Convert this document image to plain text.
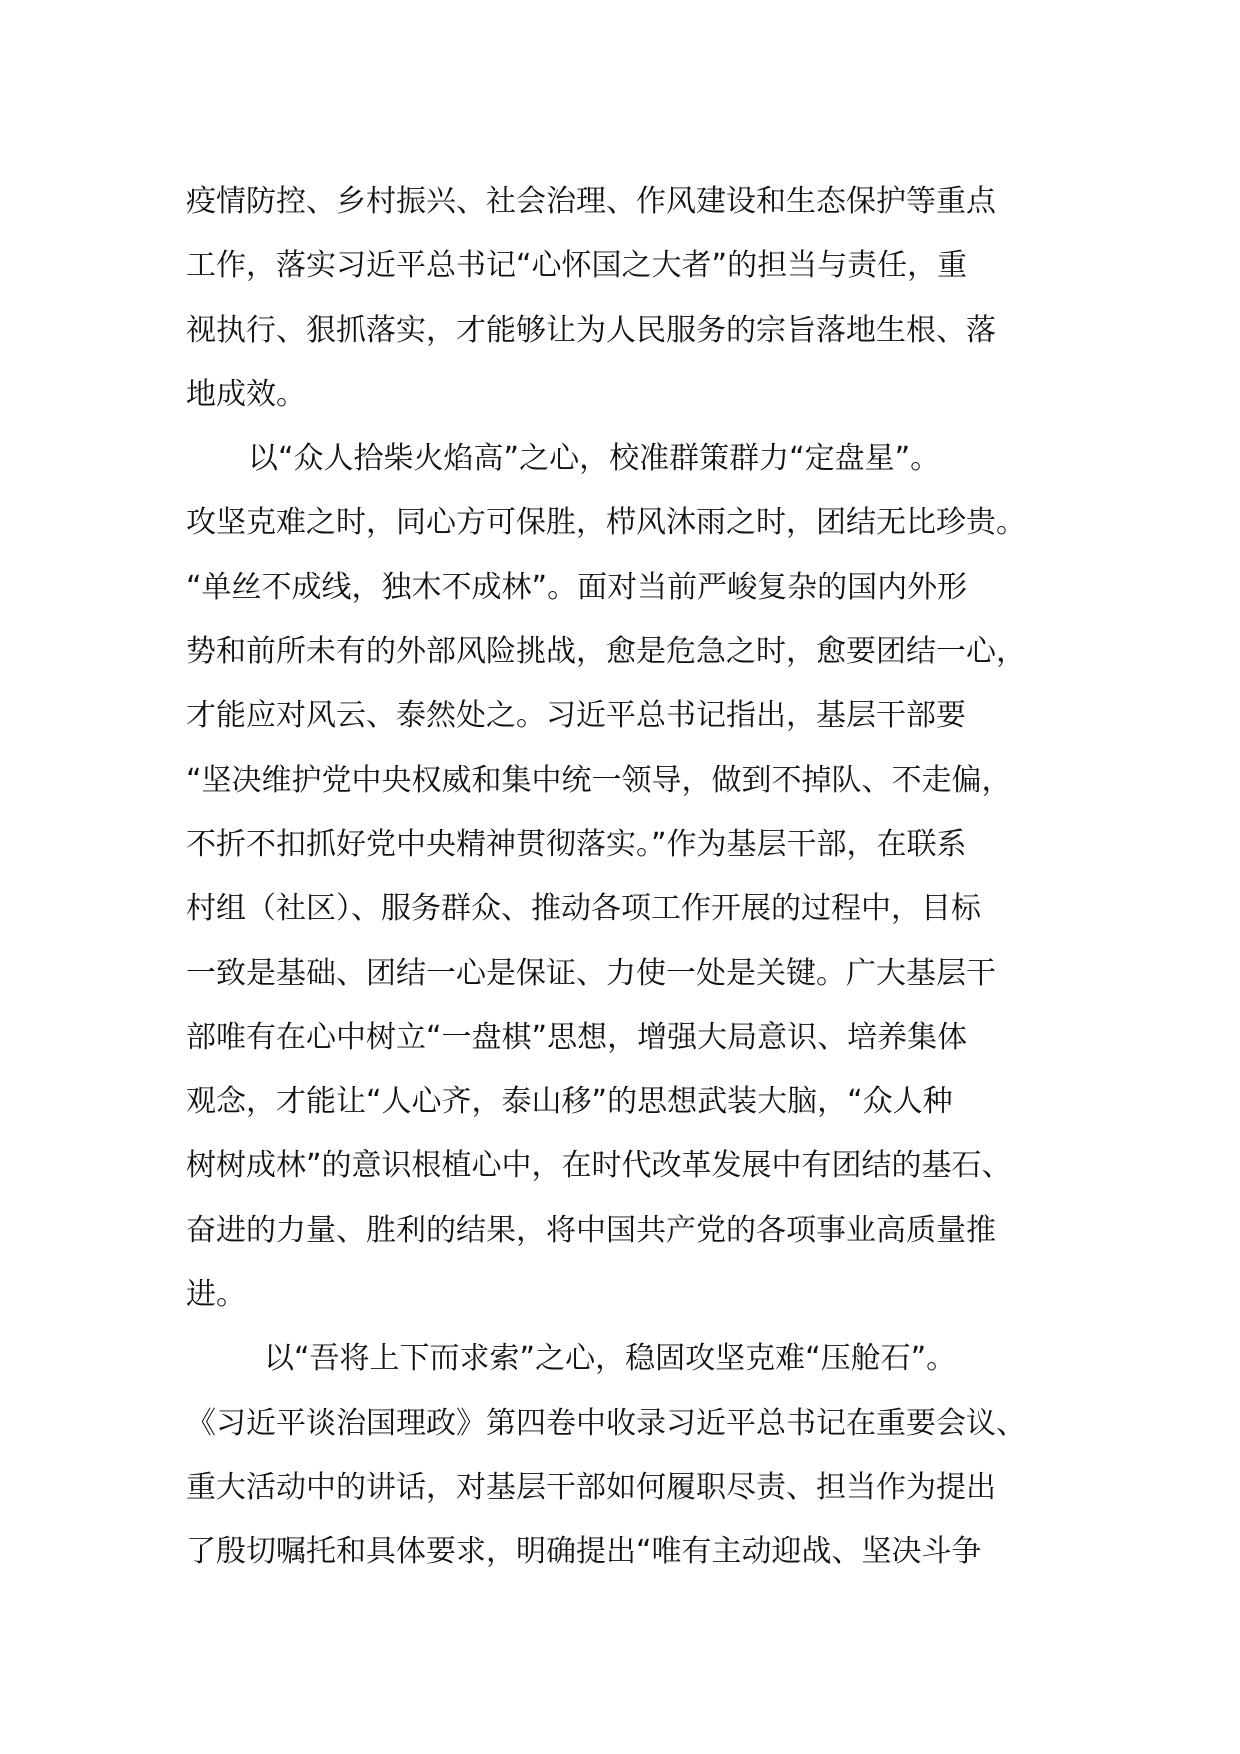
疫情防控、乡村振兴、社会治理、作风建设和生态保护等重点
工作，落实习近平总书记“心怀国之大者”的担当与责任，重
视执行、狠抓落实，才能够让为人民服务的宗旨落地生根、落
地成效。
以“众人拾柴火焰高”之心，校准群策群力“定盘星”。
攻坚克难之时，同心方可保胜，栉风沐雨之时，团结无比珍贵。
“单丝不成线，独木不成林”。面对当前严峻复杂的国内外形
势和前所未有的外部风险挑战，愈是危急之时，愈要团结一心，
才能应对风云、泰然处之。习近平总书记指出，基层干部要
“坚决维护党中央权威和集中统一领导，做到不掉队、不走偏，
不折不扣抓好党中央精神贯彻落实。”作为基层干部，在联系
村组（社区）、服务群众、推动各项工作开展的过程中，目标
一致是基础、团结一心是保证、力使一处是关键。广大基层干
部唯有在心中树立“一盘棋”思想，增强大局意识、培养集体
观念，才能让“人心齐，泰山移”的思想武装大脑，“众人种
树树成林”的意识根植心中，在时代改革发展中有团结的基石、
奋进的力量、胜利的结果，将中国共产党的各项事业高质量推
进。
以“吾将上下而求索”之心，稳固攻坚克难“压舱石”。
《习近平谈治国理政》第四卷中收录习近平总书记在重要会议、
重大活动中的讲话，对基层干部如何履职尽责、担当作为提出
了殷切嘱托和具体要求，明确提出“唯有主动迎战、坚决斗争
